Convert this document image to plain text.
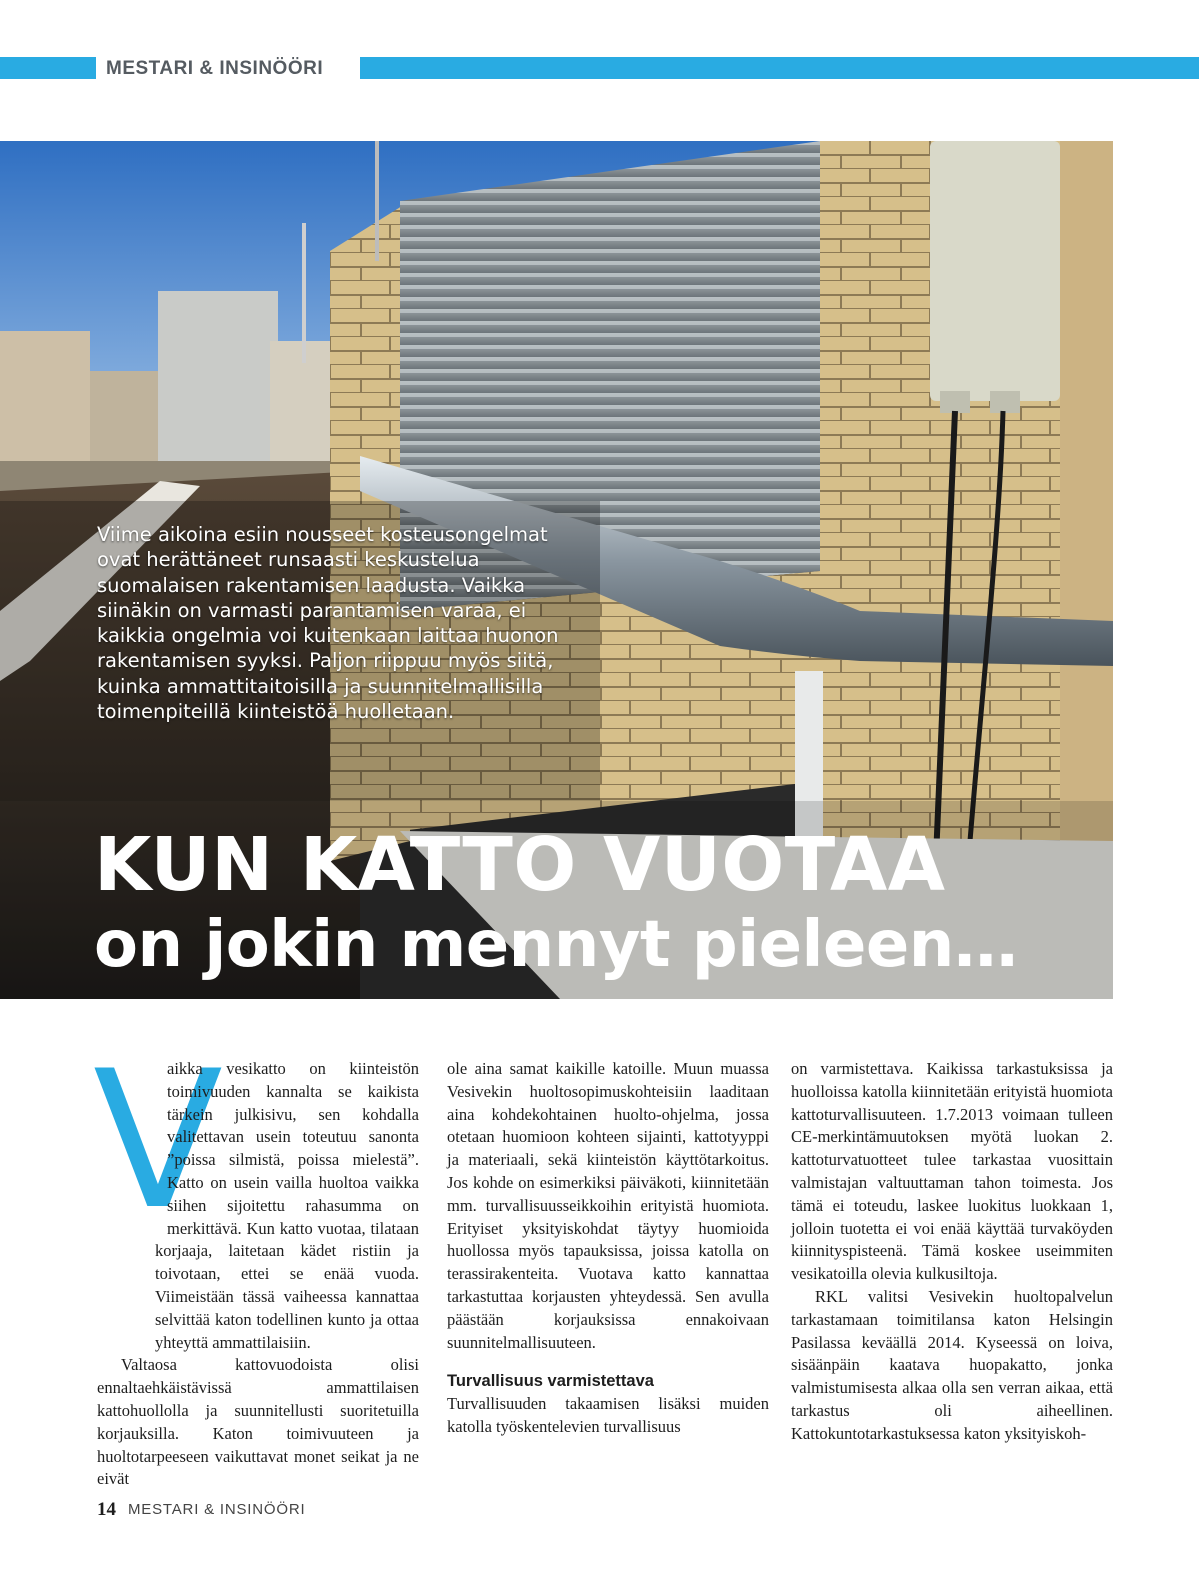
MESTARI & INSINÖÖRI

Viime aikoina esiin nousseet kosteusongelmat ovat herättäneet runsaasti keskustelua suomalaisen rakentamisen laadusta. Vaikka siinäkin on varmasti parantamisen varaa, ei kaikkia ongelmia voi kuitenkaan laittaa huonon rakentamisen syyksi. Paljon riippuu myös siitä, kuinka ammattitaitoisilla ja suunnitelmallisilla toimenpiteillä kiinteistöä huolletaan.

KUN KATTO VUOTAA
on jokin mennyt pieleen…

V
aikka vesikatto on kiinteistön toimivuuden kannalta se kaikista tärkein julkisivu, sen kohdalla valitettavan usein toteutuu sanonta ”poissa silmistä, poissa mielestä”. Katto on usein vailla huoltoa vaikka siihen sijoitettu rahasumma on merkittävä. Kun katto vuotaa, tilataan korjaaja, laitetaan kädet ristiin ja toivotaan, ettei se enää vuoda. Viimeistään tässä vaiheessa kannattaa selvittää katon todellinen kunto ja ottaa yhteyttä ammattilaisiin.

Valtaosa kattovuodoista olisi ennaltaehkäistävissä ammattilaisen kattohuollolla ja suunnitellusti suoritetuilla korjauksilla. Katon toimivuuteen ja huoltotarpeeseen vaikuttavat monet seikat ja ne eivät

ole aina samat kaikille katoille. Muun muassa Vesivekin huoltosopimuskohteisiin laaditaan aina kohdekohtainen huolto-ohjelma, jossa otetaan huomioon kohteen sijainti, kattotyyppi ja materiaali, sekä kiinteistön käyttötarkoitus. Jos kohde on esimerkiksi päiväkoti, kiinnitetään mm. turvallisuusseikkoihin erityistä huomiota. Erityiset yksityiskohdat täytyy huomioida huollossa myös tapauksissa, joissa katolla on terassirakenteita. Vuotava katto kannattaa tarkastuttaa korjausten yhteydessä. Sen avulla päästään korjauksissa ennakoivaan suunnitelmallisuuteen.

Turvallisuus varmistettava

Turvallisuuden takaamisen lisäksi muiden katolla työskentelevien turvallisuus

on varmistettava. Kaikissa tarkastuksissa ja huolloissa katolla kiinnitetään erityistä huomiota kattoturvallisuuteen. 1.7.2013 voimaan tulleen CE-merkintämuutoksen myötä luokan 2. kattoturvatuotteet tulee tarkastaa vuosittain valmistajan valtuuttaman tahon toimesta. Jos tämä ei toteudu, laskee luokitus luokkaan 1, jolloin tuotetta ei voi enää käyttää turvaköyden kiinnityspisteenä. Tämä koskee useimmiten vesikatoilla olevia kulkusiltoja.

RKL valitsi Vesivekin huoltopalvelun tarkastamaan toimitilansa katon Helsingin Pasilassa keväällä 2014. Kyseessä on loiva, sisäänpäin kaatava huopakatto, jonka valmistumisesta alkaa olla sen verran aikaa, että tarkastus oli aiheellinen. Kattokuntotarkastuksessa katon yksityiskoh-

14 MESTARI & INSINÖÖRI
